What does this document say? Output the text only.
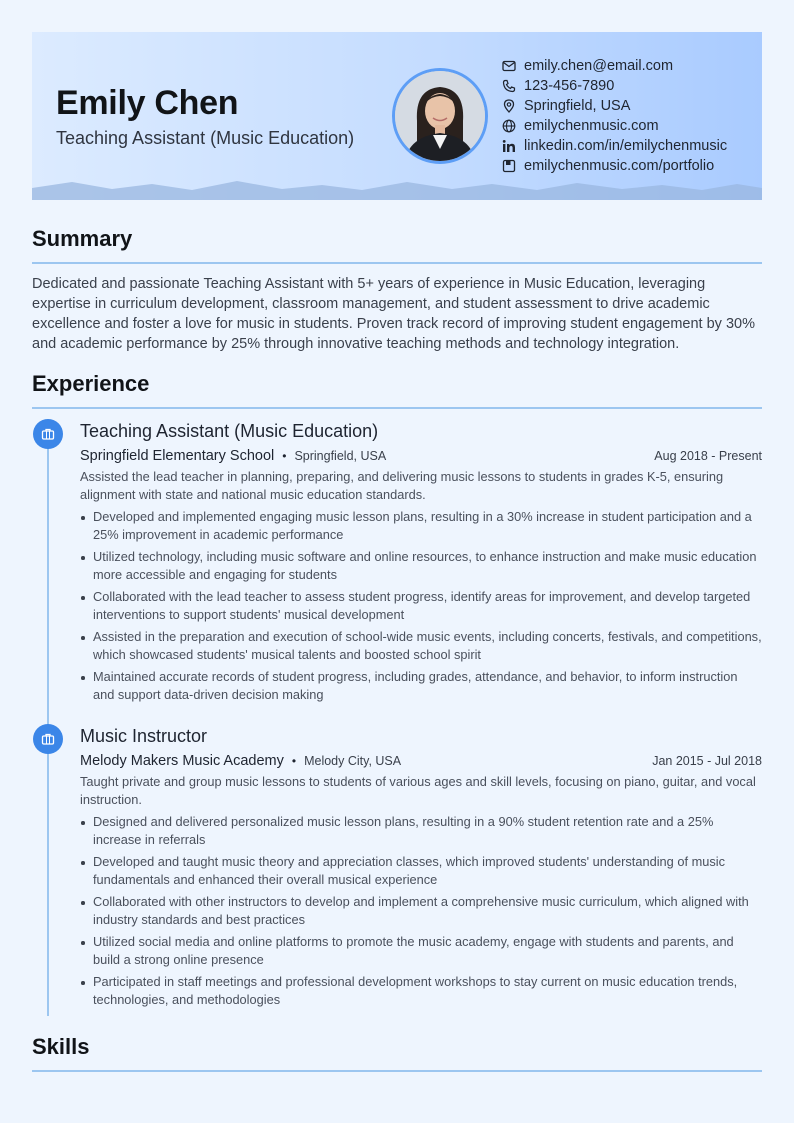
Emily Chen
Teaching Assistant (Music Education)
emily.chen@email.com
123-456-7890
Springfield, USA
emilychenmusic.com
linkedin.com/in/emilychenmusic
emilychenmusic.com/portfolio
Summary
Dedicated and passionate Teaching Assistant with 5+ years of experience in Music Education, leveraging expertise in curriculum development, classroom management, and student assessment to drive academic excellence and foster a love for music in students. Proven track record of improving student engagement by 30% and academic performance by 25% through innovative teaching methods and technology integration.
Experience
Teaching Assistant (Music Education)
Springfield Elementary School • Springfield, USA	Aug 2018 - Present
Assisted the lead teacher in planning, preparing, and delivering music lessons to students in grades K-5, ensuring alignment with state and national music education standards.
Developed and implemented engaging music lesson plans, resulting in a 30% increase in student participation and a 25% improvement in academic performance
Utilized technology, including music software and online resources, to enhance instruction and make music education more accessible and engaging for students
Collaborated with the lead teacher to assess student progress, identify areas for improvement, and develop targeted interventions to support students' musical development
Assisted in the preparation and execution of school-wide music events, including concerts, festivals, and competitions, which showcased students' musical talents and boosted school spirit
Maintained accurate records of student progress, including grades, attendance, and behavior, to inform instruction and support data-driven decision making
Music Instructor
Melody Makers Music Academy • Melody City, USA	Jan 2015 - Jul 2018
Taught private and group music lessons to students of various ages and skill levels, focusing on piano, guitar, and vocal instruction.
Designed and delivered personalized music lesson plans, resulting in a 90% student retention rate and a 25% increase in referrals
Developed and taught music theory and appreciation classes, which improved students' understanding of music fundamentals and enhanced their overall musical experience
Collaborated with other instructors to develop and implement a comprehensive music curriculum, which aligned with industry standards and best practices
Utilized social media and online platforms to promote the music academy, engage with students and parents, and build a strong online presence
Participated in staff meetings and professional development workshops to stay current on music education trends, technologies, and methodologies
Skills
